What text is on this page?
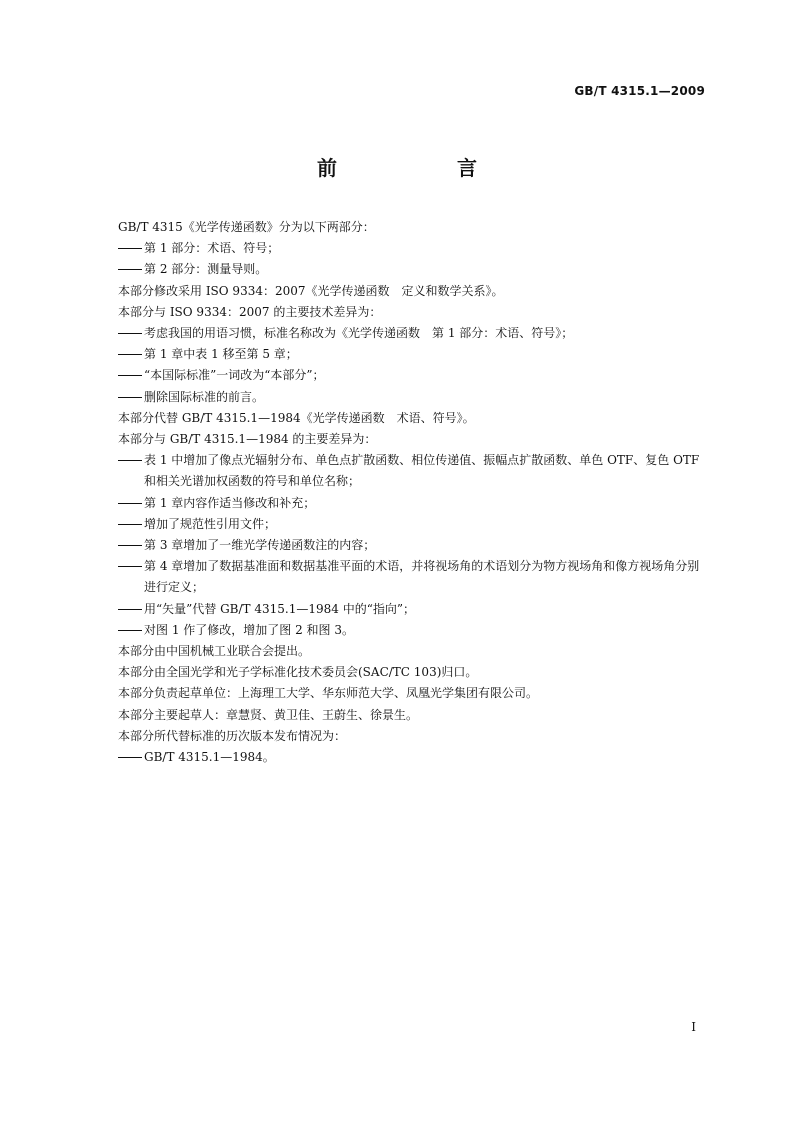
GB/T 4315.1—2009
前　言
GB/T 4315《光学传递函数》分为以下两部分：
第 1 部分：术语、符号；
第 2 部分：测量导则。
本部分修改采用 ISO 9334：2007《光学传递函数　定义和数学关系》。
本部分与 ISO 9334：2007 的主要技术差异为：
考虑我国的用语习惯，标准名称改为《光学传递函数　第 1 部分：术语、符号》；
第 1 章中表 1 移至第 5 章；
“本国际标准”一词改为“本部分”；
删除国际标准的前言。
本部分代替 GB/T 4315.1—1984《光学传递函数　术语、符号》。
本部分与 GB/T 4315.1—1984 的主要差异为：
表 1 中增加了像点光辐射分布、单色点扩散函数、相位传递值、振幅点扩散函数、单色 OTF、复色 OTF 和相关光谱加权函数的符号和单位名称；
第 1 章内容作适当修改和补充；
增加了规范性引用文件；
第 3 章增加了一维光学传递函数注的内容；
第 4 章增加了数据基准面和数据基准平面的术语，并将视场角的术语划分为物方视场角和像方视场角分别进行定义；
用“矢量”代替 GB/T 4315.1—1984 中的“指向”；
对图 1 作了修改，增加了图 2 和图 3。
本部分由中国机械工业联合会提出。
本部分由全国光学和光子学标准化技术委员会(SAC/TC 103)归口。
本部分负责起草单位：上海理工大学、华东师范大学、凤凰光学集团有限公司。
本部分主要起草人：章慧贤、黄卫佳、王蔚生、徐景生。
本部分所代替标准的历次版本发布情况为：
GB/T 4315.1—1984。
I
